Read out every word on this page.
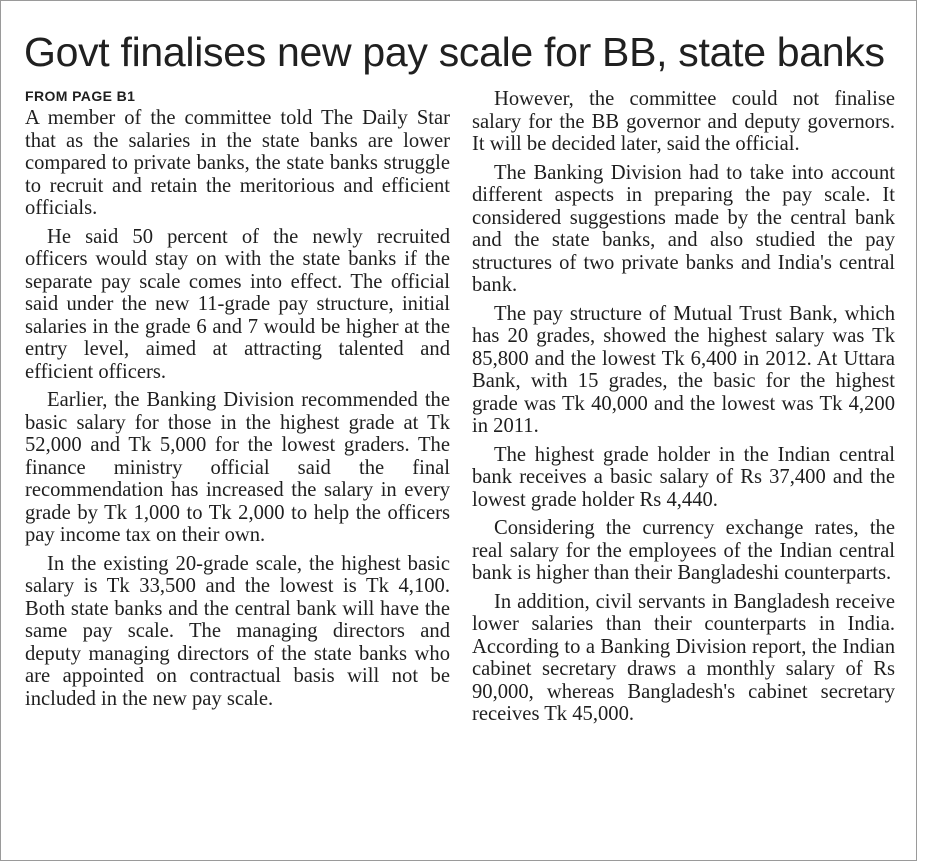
Govt finalises new pay scale for BB, state banks
FROM PAGE B1

A member of the committee told The Daily Star that as the salaries in the state banks are lower compared to private banks, the state banks struggle to recruit and retain the meritorious and efficient officials.

He said 50 percent of the newly recruited officers would stay on with the state banks if the separate pay scale comes into effect. The official said under the new 11-grade pay structure, initial salaries in the grade 6 and 7 would be higher at the entry level, aimed at attracting talented and efficient officers.

Earlier, the Banking Division recommended the basic salary for those in the highest grade at Tk 52,000 and Tk 5,000 for the lowest graders. The finance ministry official said the final recommendation has increased the salary in every grade by Tk 1,000 to Tk 2,000 to help the officers pay income tax on their own.

In the existing 20-grade scale, the highest basic salary is Tk 33,500 and the lowest is Tk 4,100. Both state banks and the central bank will have the same pay scale. The managing directors and deputy managing directors of the state banks who are appointed on contractual basis will not be included in the new pay scale.

However, the committee could not finalise salary for the BB governor and deputy governors. It will be decided later, said the official.

The Banking Division had to take into account different aspects in preparing the pay scale. It considered suggestions made by the central bank and the state banks, and also studied the pay structures of two private banks and India's central bank.

The pay structure of Mutual Trust Bank, which has 20 grades, showed the highest salary was Tk 85,800 and the lowest Tk 6,400 in 2012. At Uttara Bank, with 15 grades, the basic for the highest grade was Tk 40,000 and the lowest was Tk 4,200 in 2011.

The highest grade holder in the Indian central bank receives a basic salary of Rs 37,400 and the lowest grade holder Rs 4,440.

Considering the currency exchange rates, the real salary for the employees of the Indian central bank is higher than their Bangladeshi counterparts.

In addition, civil servants in Bangladesh receive lower salaries than their counterparts in India. According to a Banking Division report, the Indian cabinet secretary draws a monthly salary of Rs 90,000, whereas Bangladesh's cabinet secretary receives Tk 45,000.
